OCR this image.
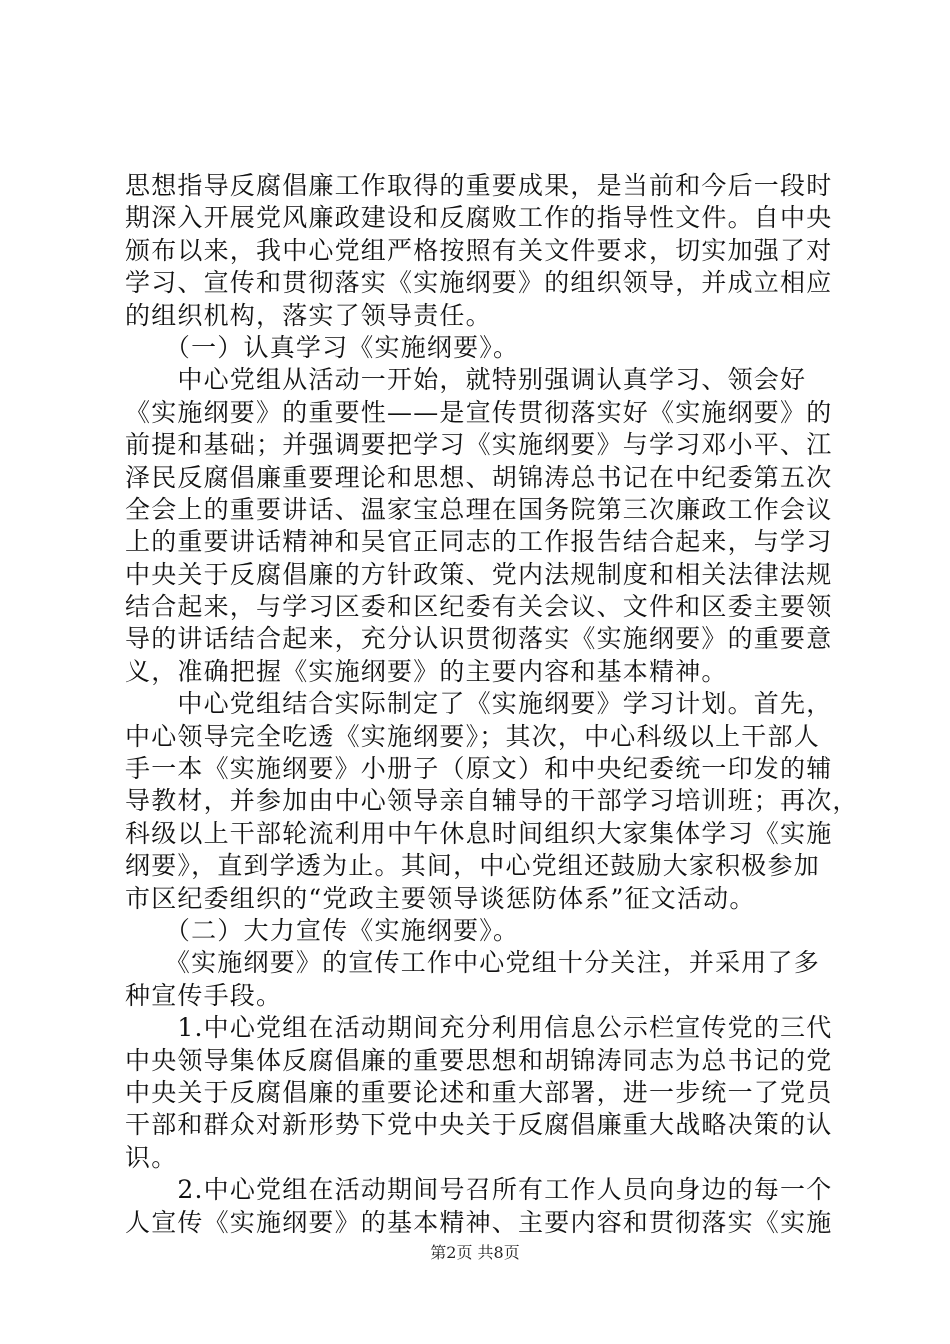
思想指导反腐倡廉工作取得的重要成果，是当前和今后一段时
期深入开展党风廉政建设和反腐败工作的指导性文件。自中央
颁布以来，我中心党组严格按照有关文件要求，切实加强了对
学习、宣传和贯彻落实《实施纲要》的组织领导，并成立相应
的组织机构，落实了领导责任。
　　（一）认真学习《实施纲要》。
　　中心党组从活动一开始，就特别强调认真学习、领会好
《实施纲要》的重要性——是宣传贯彻落实好《实施纲要》的
前提和基础；并强调要把学习《实施纲要》与学习邓小平、江
泽民反腐倡廉重要理论和思想、胡锦涛总书记在中纪委第五次
全会上的重要讲话、温家宝总理在国务院第三次廉政工作会议
上的重要讲话精神和吴官正同志的工作报告结合起来，与学习
中央关于反腐倡廉的方针政策、党内法规制度和相关法律法规
结合起来，与学习区委和区纪委有关会议、文件和区委主要领
导的讲话结合起来，充分认识贯彻落实《实施纲要》的重要意
义，准确把握《实施纲要》的主要内容和基本精神。
　　中心党组结合实际制定了《实施纲要》学习计划。首先，
中心领导完全吃透《实施纲要》；其次，中心科级以上干部人
手一本《实施纲要》小册子（原文）和中央纪委统一印发的辅
导教材，并参加由中心领导亲自辅导的干部学习培训班；再次，
科级以上干部轮流利用中午休息时间组织大家集体学习《实施
纲要》，直到学透为止。其间，中心党组还鼓励大家积极参加
市区纪委组织的“党政主要领导谈惩防体系”征文活动。
　　（二）大力宣传《实施纲要》。
　　《实施纲要》的宣传工作中心党组十分关注，并采用了多
种宣传手段。
　　1.中心党组在活动期间充分利用信息公示栏宣传党的三代
中央领导集体反腐倡廉的重要思想和胡锦涛同志为总书记的党
中央关于反腐倡廉的重要论述和重大部署，进一步统一了党员
干部和群众对新形势下党中央关于反腐倡廉重大战略决策的认
识。
　　2.中心党组在活动期间号召所有工作人员向身边的每一个
人宣传《实施纲要》的基本精神、主要内容和贯彻落实《实施
第2页 共8页
